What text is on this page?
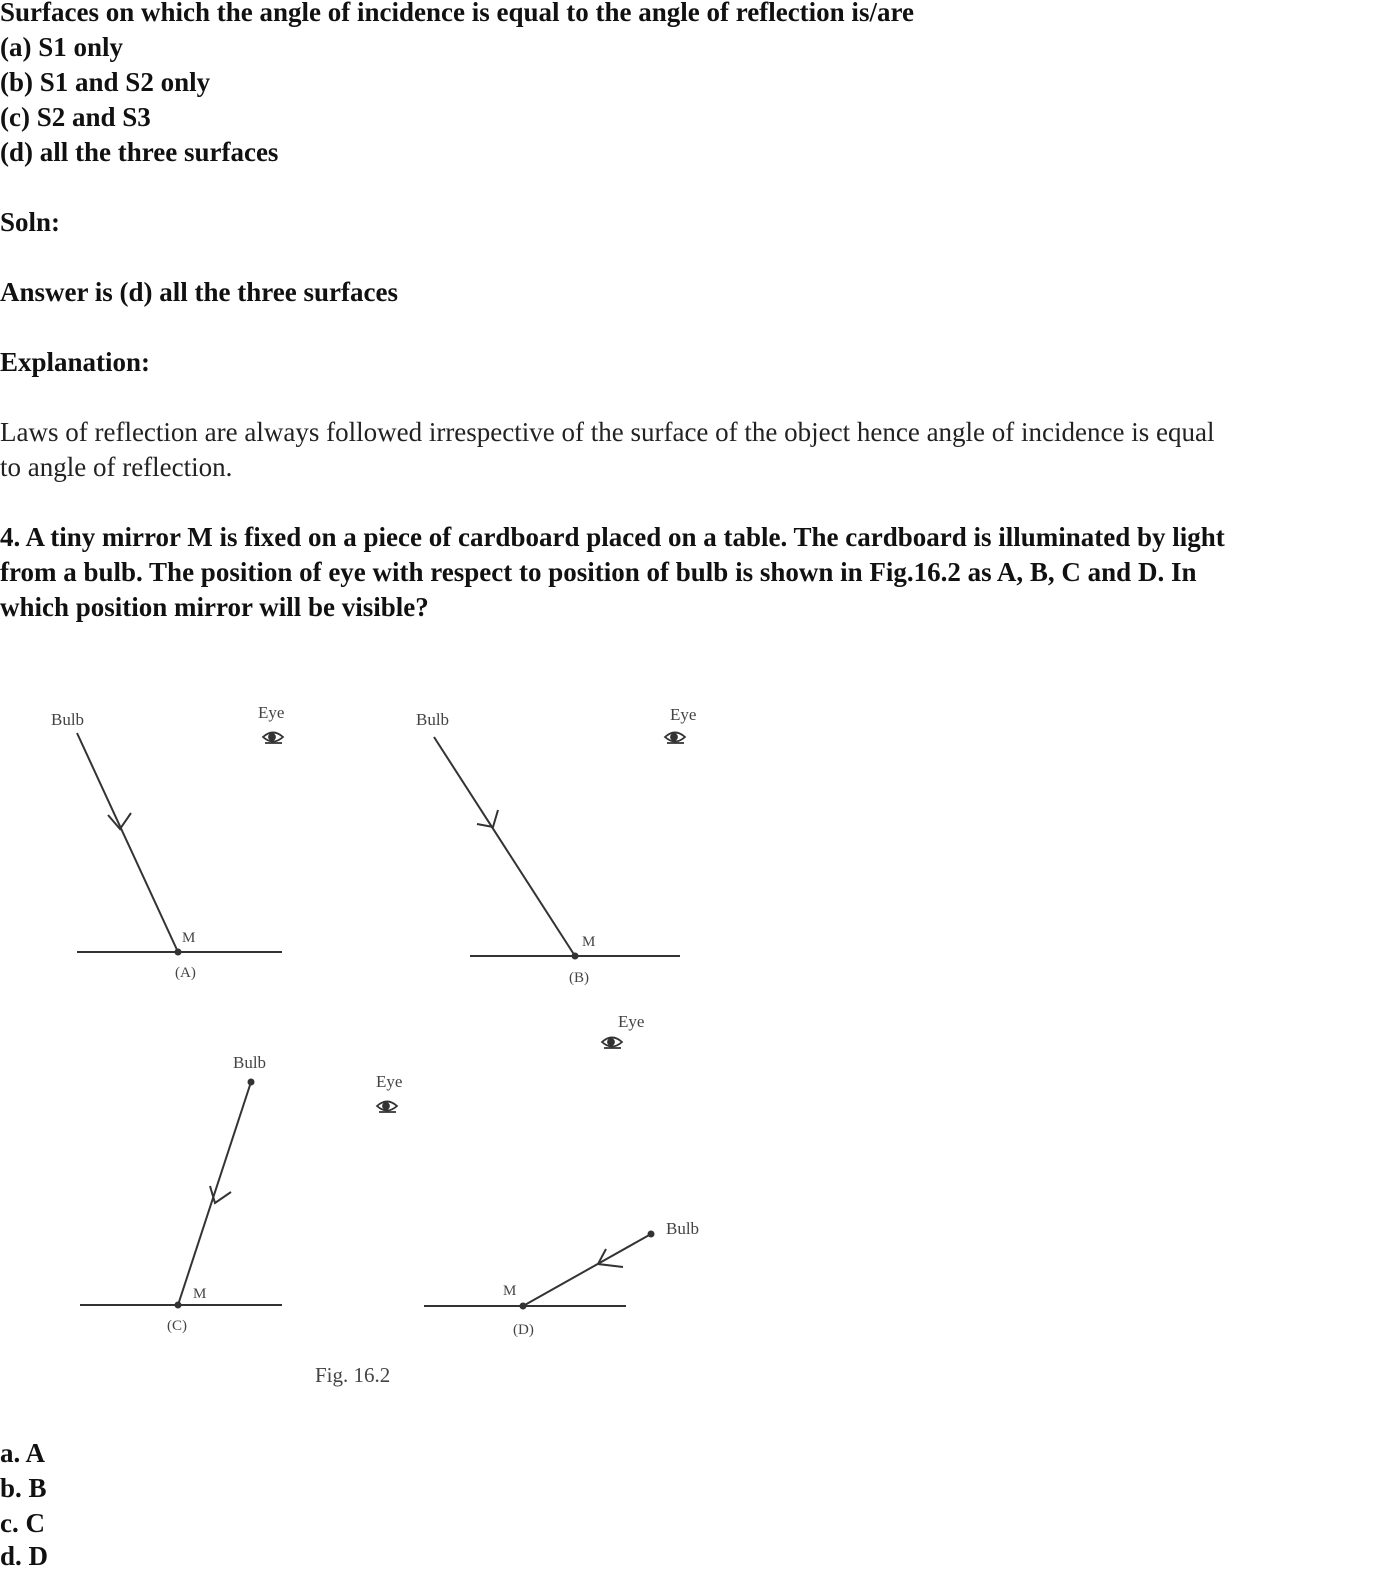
Surfaces on which the angle of incidence is equal to the angle of reflection is/are
(a) S1 only
(b) S1 and S2 only
(c) S2 and S3
(d) all the three surfaces
Soln:
Answer is (d) all the three surfaces
Explanation:
Laws of reflection are always followed irrespective of the surface of the object hence angle of incidence is equal
to angle of reflection.
4. A tiny mirror M is fixed on a piece of cardboard placed on a table. The cardboard is illuminated by light
from a bulb. The position of eye with respect to position of bulb is shown in Fig.16.2 as A, B, C and D. In
which position mirror will be visible?
Bulb	Eye
M
(A)
Bulb	Eye
M
(B)
Bulb
Eye
M
(C)
Bulb
Eye
M
(D)
Fig. 16.2
a. A
b. B
c. C
d. D
